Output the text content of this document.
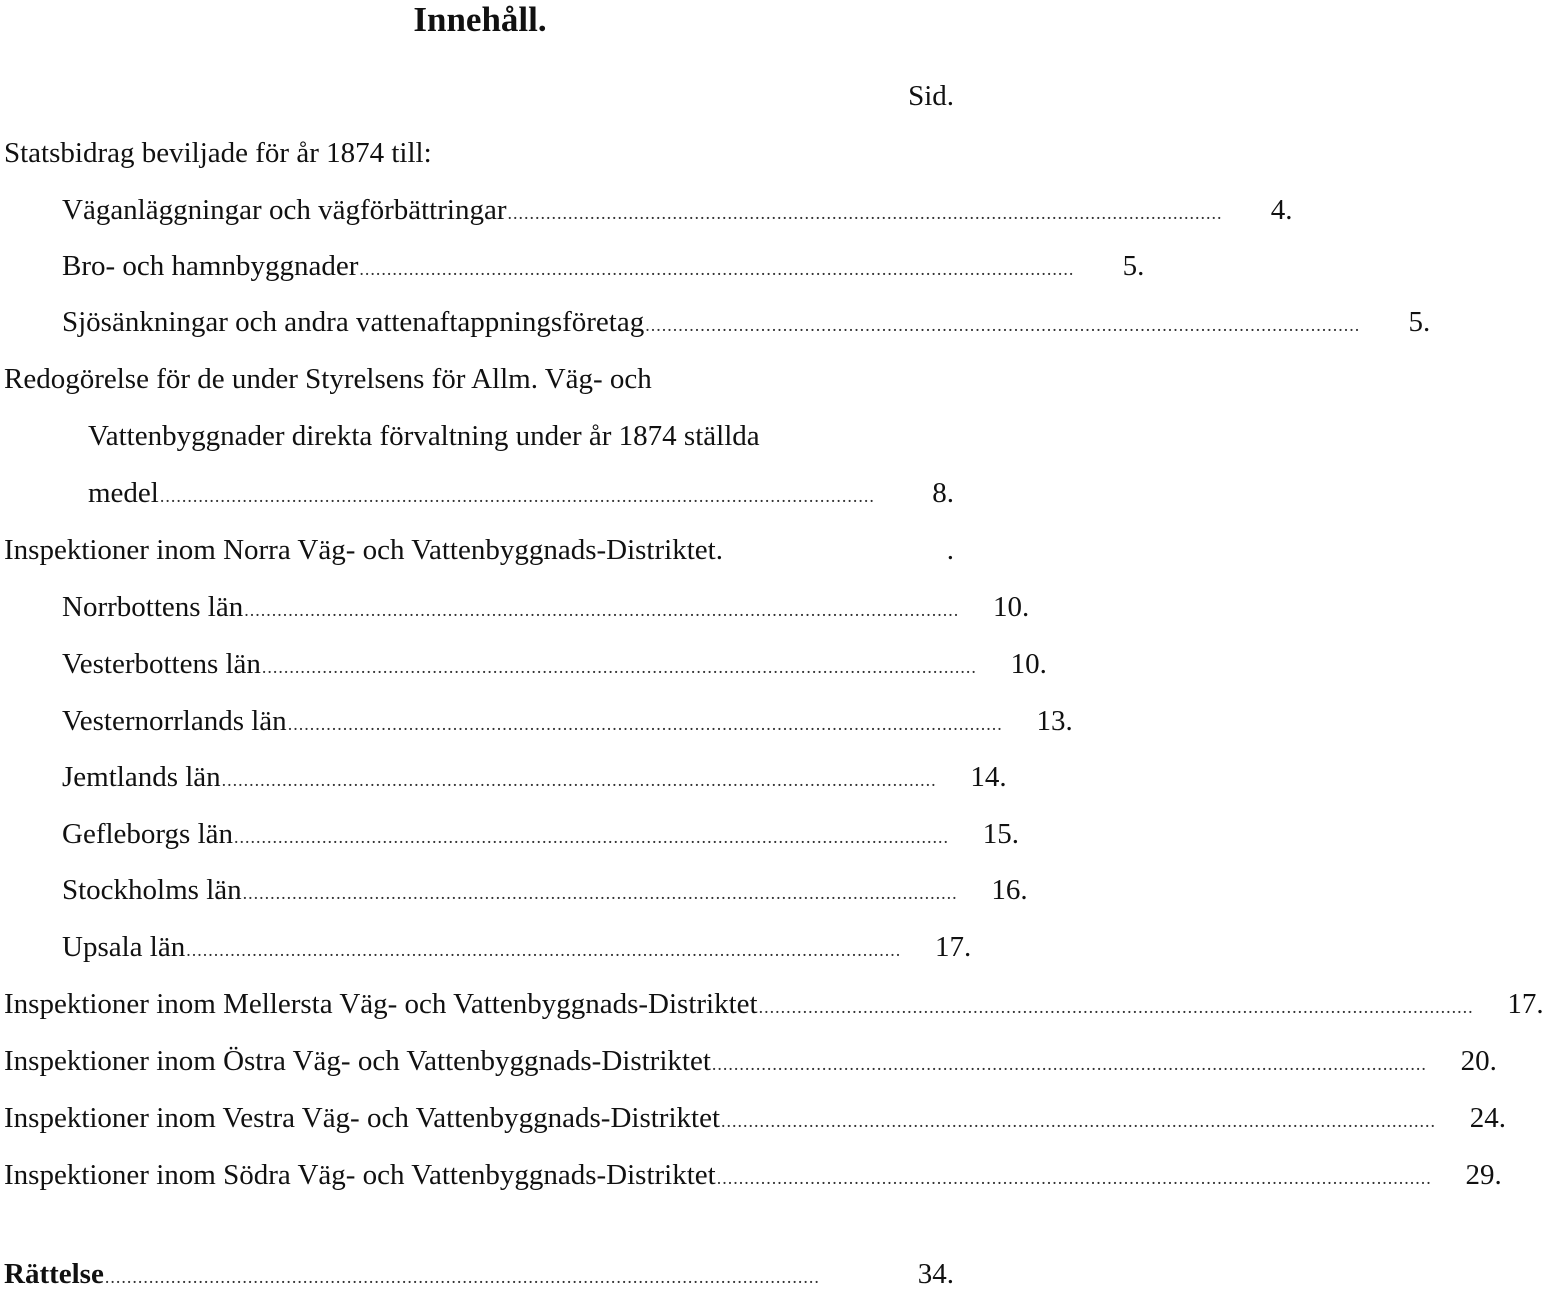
Innehåll.
Sid.
Statsbidrag beviljade för år 1874 till:
Väganläggningar och vägförbättringar ..................................................................................................................................	4.
Bro- och hamnbyggnader ..................................................................................................................................	5.
Sjösänkningar och andra vattenaftappningsföretag ..................................................................................................................................	5.
Redogörelse för de under Styrelsens för Allm. Väg- och
Vattenbyggnader direkta förvaltning under år 1874 ställda
medel ..................................................................................................................................	8.
Inspektioner inom Norra Väg- och Vattenbyggnads-Distriktet.	.
Norrbottens län ..................................................................................................................................	10.
Vesterbottens län ..................................................................................................................................	10.
Vesternorrlands län ..................................................................................................................................	13.
Jemtlands län ..................................................................................................................................	14.
Gefleborgs län ..................................................................................................................................	15.
Stockholms län ..................................................................................................................................	16.
Upsala län ..................................................................................................................................	17.
Inspektioner inom Mellersta Väg- och Vattenbyggnads-Distriktet ..................................................................................................................................	17.
Inspektioner inom Östra Väg- och Vattenbyggnads-Distriktet ..................................................................................................................................	20.
Inspektioner inom Vestra Väg- och Vattenbyggnads-Distriktet ..................................................................................................................................	24.
Inspektioner inom Södra Väg- och Vattenbyggnads-Distriktet ..................................................................................................................................	29.
Rättelse ..................................................................................................................................	34.
